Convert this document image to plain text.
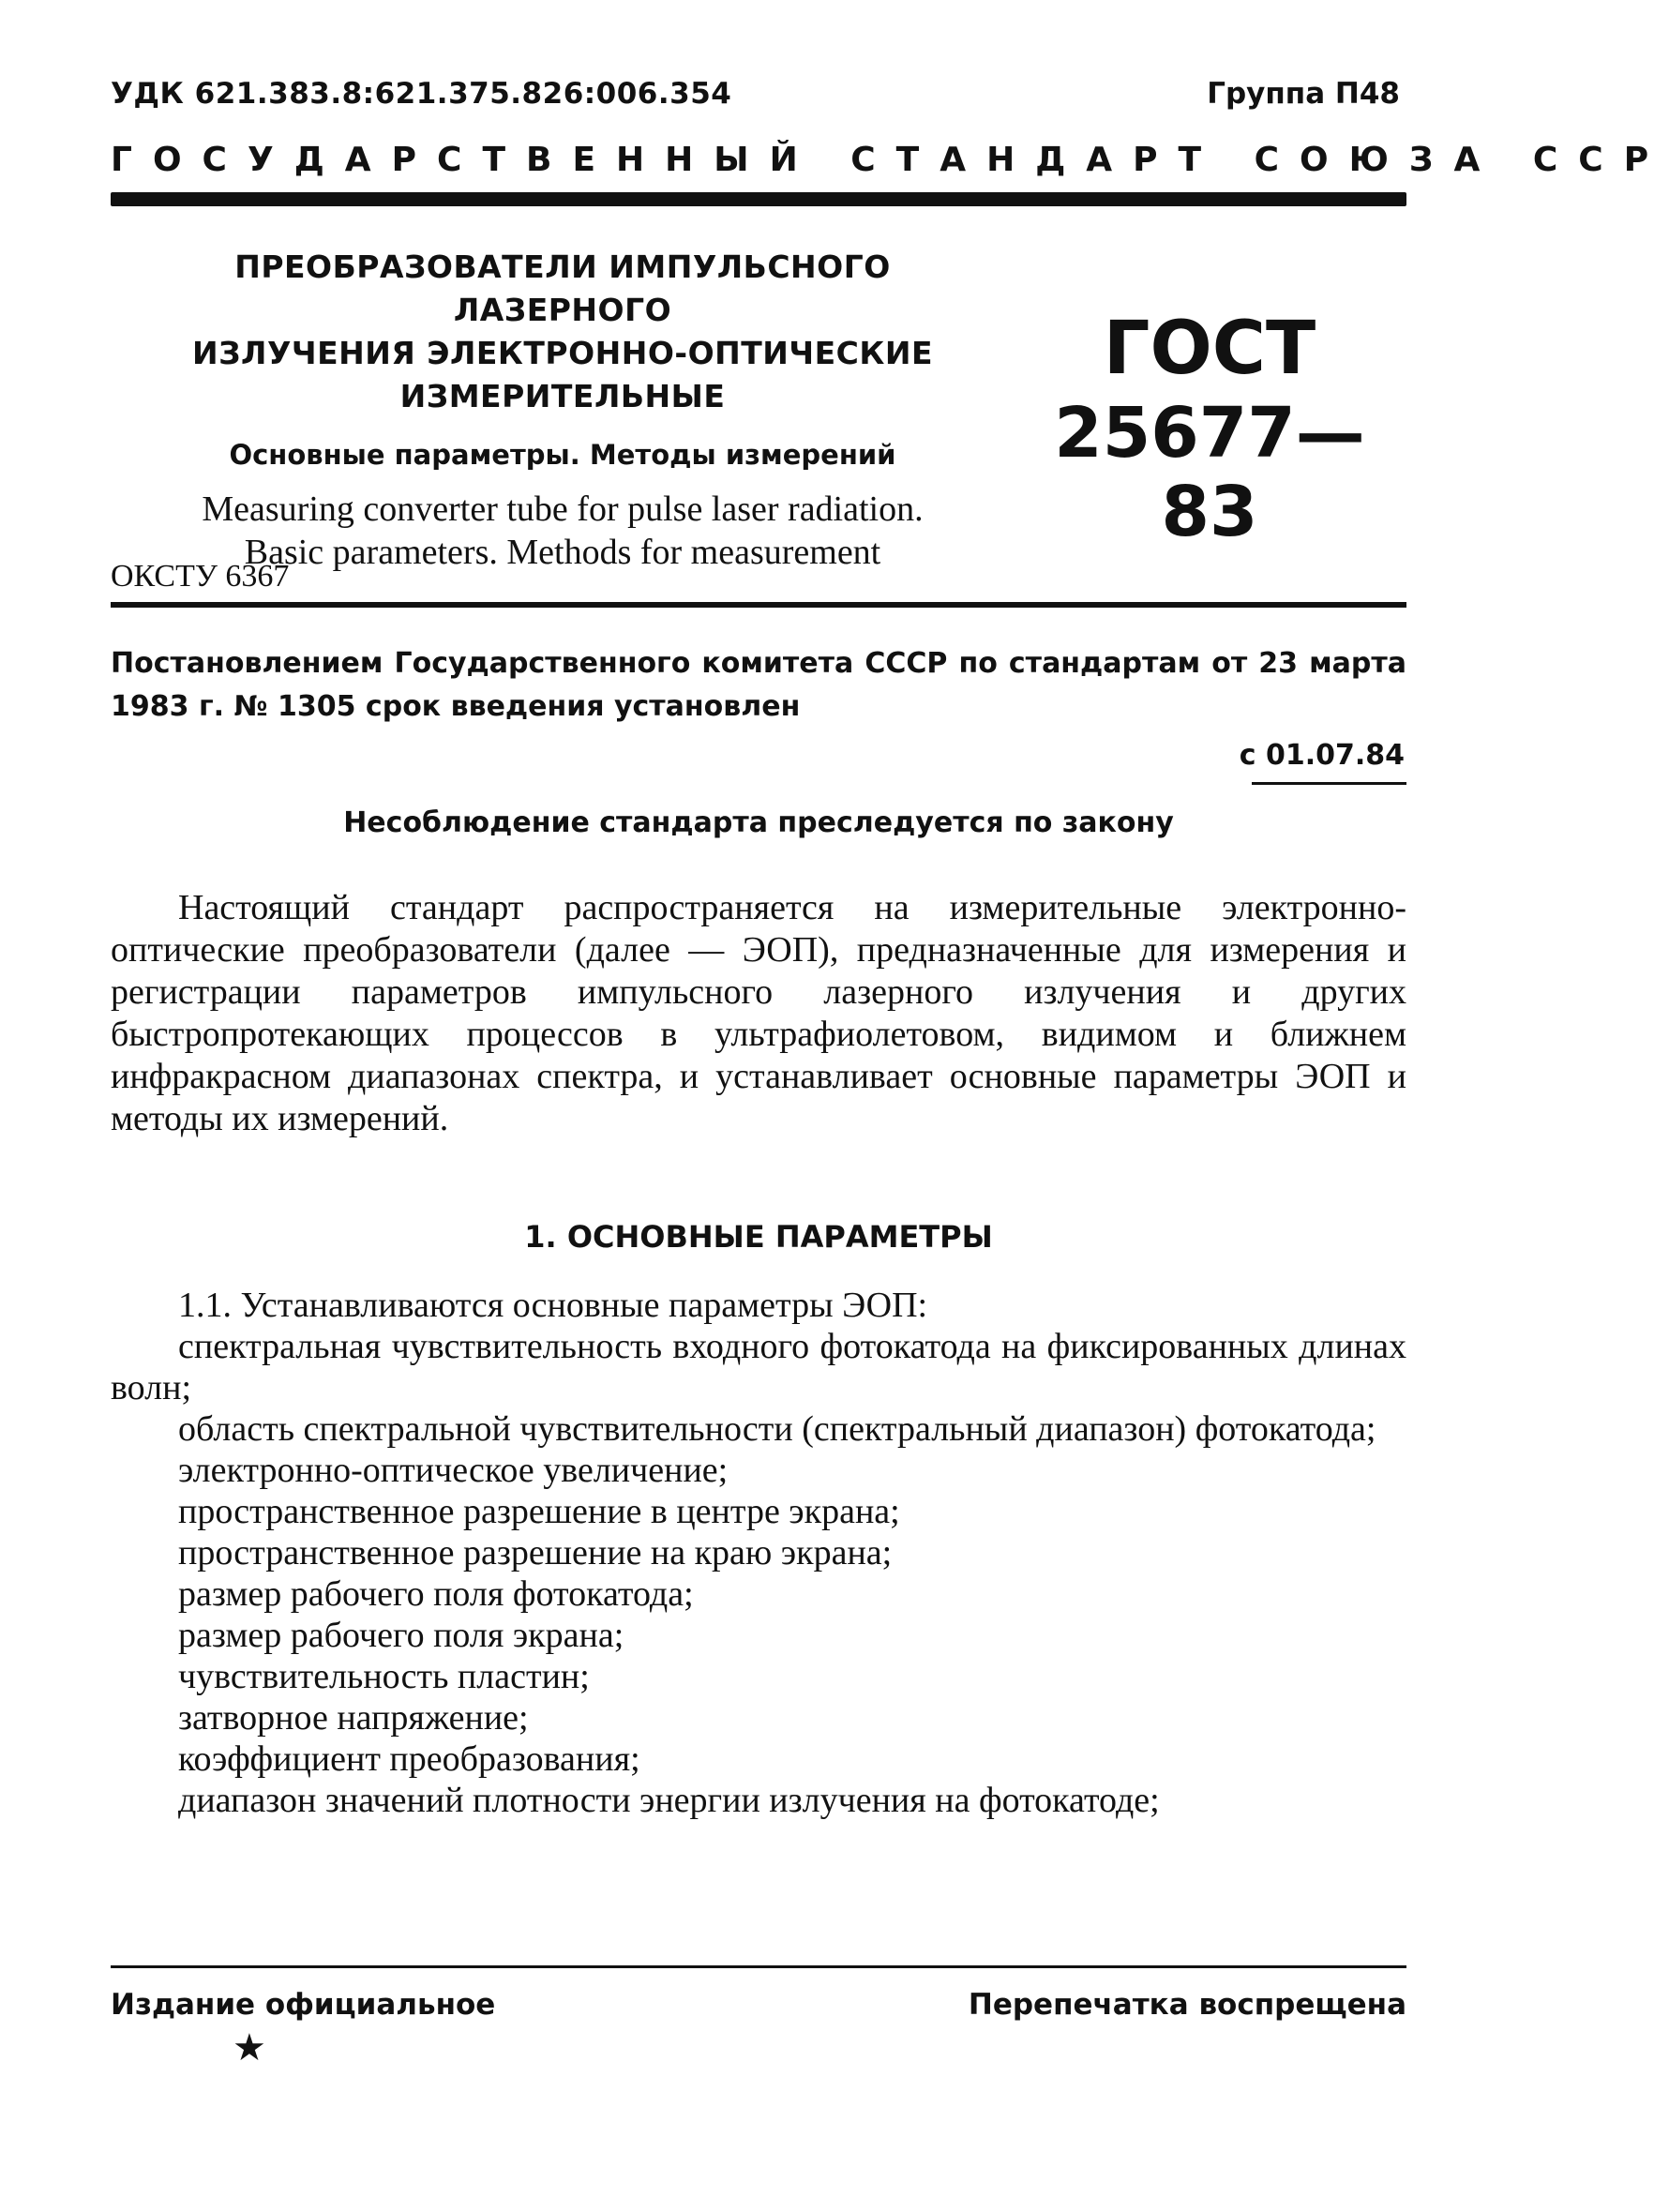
УДК 621.383.8:621.375.826:006.354	Группа П48
ГОСУДАРСТВЕННЫЙ СТАНДАРТ СОЮЗА ССР
ПРЕОБРАЗОВАТЕЛИ ИМПУЛЬСНОГО ЛАЗЕРНОГО
ИЗЛУЧЕНИЯ ЭЛЕКТРОННО-ОПТИЧЕСКИЕ
ИЗМЕРИТЕЛЬНЫЕ
Основные параметры. Методы измерений
Measuring converter tube for pulse laser radiation.
Basic parameters. Methods for measurement
ГОСТ
25677—83
ОКСТУ 6367
Постановлением Государственного комитета СССР по стандартам от 23 марта 1983 г. № 1305 срок введения установлен
с 01.07.84
Несоблюдение стандарта преследуется по закону

Настоящий стандарт распространяется на измерительные электронно-оптические преобразователи (далее — ЭОП), предназначенные для измерения и регистрации параметров импульсного лазерного излучения и других быстропротекающих процессов в ультрафиолетовом, видимом и ближнем инфракрасном диапазонах спектра, и устанавливает основные параметры ЭОП и методы их измерений.

1. ОСНОВНЫЕ ПАРАМЕТРЫ

1.1. Устанавливаются основные параметры ЭОП:

спектральная чувствительность входного фотокатода на фиксированных длинах волн;
область спектральной чувствительности (спектральный диапазон) фотокатода;
электронно-оптическое увеличение;
пространственное разрешение в центре экрана;
пространственное разрешение на краю экрана;
размер рабочего поля фотокатода;
размер рабочего поля экрана;
чувствительность пластин;
затворное напряжение;
коэффициент преобразования;
диапазон значений плотности энергии излучения на фотокатоде;
Издание официальное	Перепечатка воспрещена
★
